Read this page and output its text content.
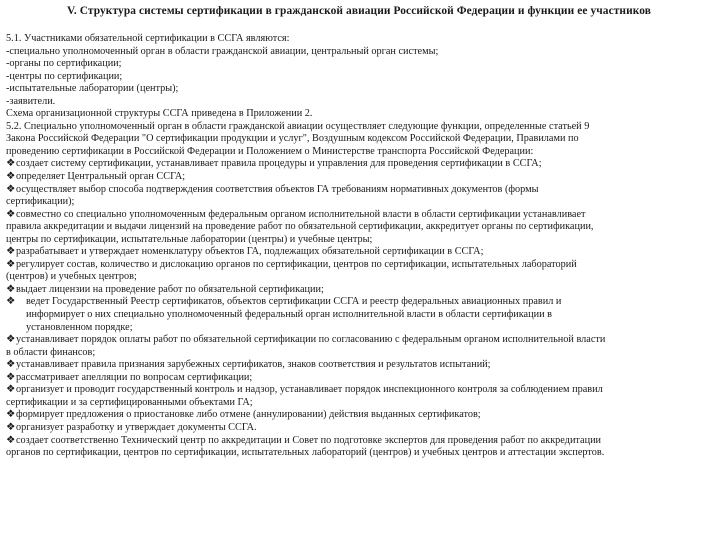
V. Структура системы сертификации в гражданской авиации Российской Федерации и функции ее участников
5.1. Участниками обязательной сертификации в ССГА являются:
-специально уполномоченный орган в области гражданской авиации, центральный орган системы;
-органы по сертификации;
-центры по сертификации;
-испытательные лаборатории (центры);
-заявители.
Схема организационной структуры ССГА приведена в Приложении 2.
5.2. Специально уполномоченный орган в области гражданской авиации осуществляет следующие функции, определенные статьей 9
Закона Российской Федерации "О сертификации продукции и услуг", Воздушным кодексом Российской Федерации, Правилами по
проведению сертификации в Российской Федерации и Положением о Министерстве транспорта Российской Федерации:
❖создает систему сертификации, устанавливает правила процедуры и управления для проведения сертификации в ССГА;
❖определяет Центральный орган ССГА;
❖осуществляет выбор способа подтверждения соответствия объектов ГА требованиям нормативных документов (формы
сертификации);
❖совместно со специально уполномоченным федеральным органом исполнительной власти в области сертификации устанавливает
правила аккредитации и выдачи лицензий на проведение работ по обязательной сертификации, аккредитует органы по сертификации,
центры по сертификации, испытательные лаборатории (центры) и учебные центры;
❖разрабатывает и утверждает номенклатуру объектов ГА, подлежащих обязательной сертификации в ССГА;
❖регулирует состав, количество и дислокацию органов по сертификации, центров по сертификации, испытательных лабораторий
(центров) и учебных центров;
❖выдает лицензии на проведение работ по обязательной сертификации;
❖ ведет Государственный Реестр сертификатов, объектов сертификации ССГА и реестр федеральных авиационных правил и
информирует о них специально уполномоченный федеральный орган исполнительной власти в области сертификации в
установленном порядке;
❖устанавливает порядок оплаты работ по обязательной сертификации по согласованию с федеральным органом исполнительной власти
в области финансов;
❖устанавливает правила признания зарубежных сертификатов, знаков соответствия и результатов испытаний;
❖рассматривает апелляции по вопросам сертификации;
❖организует и проводит государственный контроль и надзор, устанавливает порядок инспекционного контроля за соблюдением правил
сертификации и за сертифицированными объектами ГА;
❖формирует предложения о приостановке либо отмене (аннулировании) действия выданных сертификатов;
❖организует разработку и утверждает документы ССГА.
❖создает соответственно Технический центр по аккредитации и Совет по подготовке экспертов для проведения работ по аккредитации
органов по сертификации, центров по сертификации, испытательных лабораторий (центров) и учебных центров и аттестации экспертов.
